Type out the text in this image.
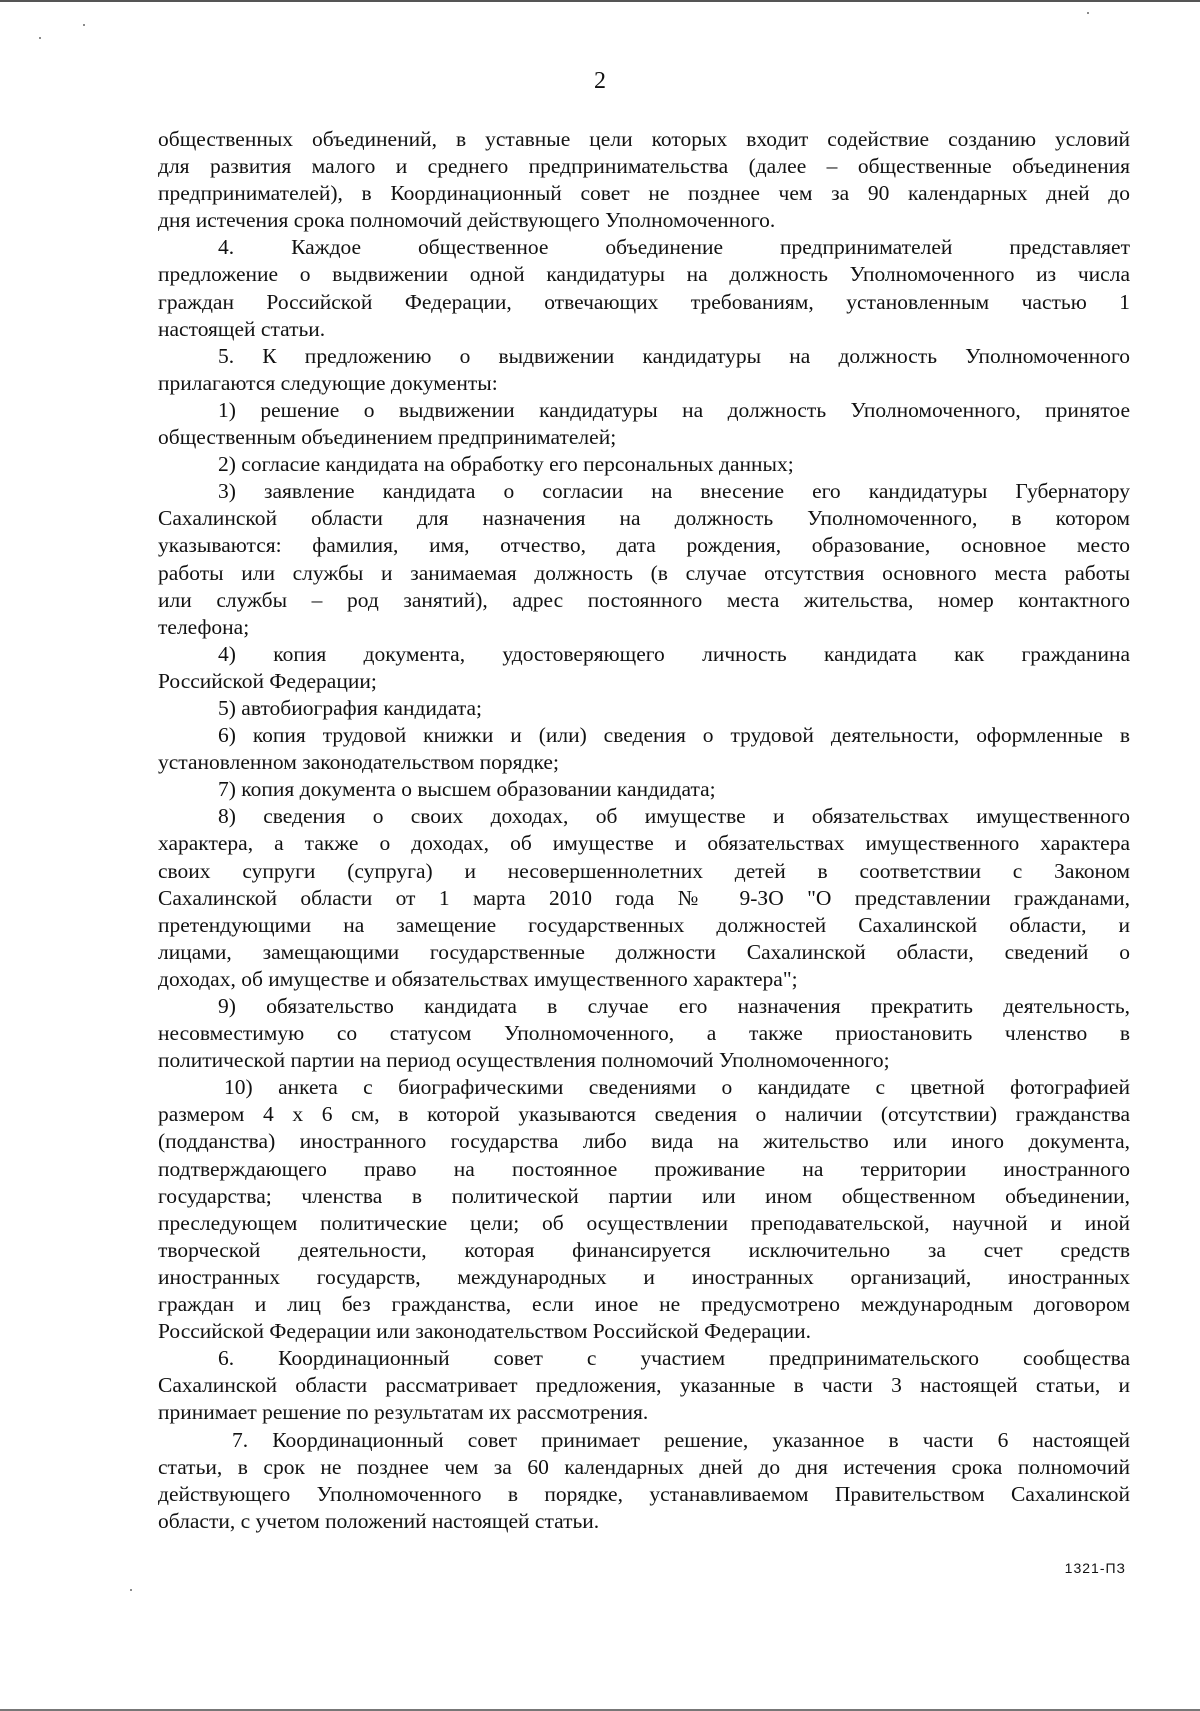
2
общественных объединений, в уставные цели которых входит содействие созданию условий
для развития малого и среднего предпринимательства (далее – общественные объединения
предпринимателей), в Координационный совет не позднее чем за 90 календарных дней до
дня истечения срока полномочий действующего Уполномоченного.
4. Каждое общественное объединение предпринимателей представляет
предложение о выдвижении одной кандидатуры на должность Уполномоченного из числа
граждан Российской Федерации, отвечающих требованиям, установленным частью 1
настоящей статьи.
5. К предложению о выдвижении кандидатуры на должность Уполномоченного
прилагаются следующие документы:
1) решение о выдвижении кандидатуры на должность Уполномоченного, принятое
общественным объединением предпринимателей;
2) согласие кандидата на обработку его персональных данных;
3) заявление кандидата о согласии на внесение его кандидатуры Губернатору
Сахалинской области для назначения на должность Уполномоченного, в котором
указываются: фамилия, имя, отчество, дата рождения, образование, основное место
работы или службы и занимаемая должность (в случае отсутствия основного места работы
или службы – род занятий), адрес постоянного места жительства, номер контактного
телефона;
4) копия документа, удостоверяющего личность кандидата как гражданина
Российской Федерации;
5) автобиография кандидата;
6) копия трудовой книжки и (или) сведения о трудовой деятельности, оформленные в
установленном законодательством порядке;
7) копия документа о высшем образовании кандидата;
8) сведения о своих доходах, об имуществе и обязательствах имущественного
характера, а также о доходах, об имуществе и обязательствах имущественного характера
своих супруги (супруга) и несовершеннолетних детей в соответствии с Законом
Сахалинской области от 1 марта 2010 года № 9-ЗО "О представлении гражданами,
претендующими на замещение государственных должностей Сахалинской области, и
лицами, замещающими государственные должности Сахалинской области, сведений о
доходах, об имуществе и обязательствах имущественного характера";
9) обязательство кандидата в случае его назначения прекратить деятельность,
несовместимую со статусом Уполномоченного, а также приостановить членство в
политической партии на период осуществления полномочий Уполномоченного;
10) анкета с биографическими сведениями о кандидате с цветной фотографией
размером 4 х 6 см, в которой указываются сведения о наличии (отсутствии) гражданства
(подданства) иностранного государства либо вида на жительство или иного документа,
подтверждающего право на постоянное проживание на территории иностранного
государства; членства в политической партии или ином общественном объединении,
преследующем политические цели; об осуществлении преподавательской, научной и иной
творческой деятельности, которая финансируется исключительно за счет средств
иностранных государств, международных и иностранных организаций, иностранных
граждан и лиц без гражданства, если иное не предусмотрено международным договором
Российской Федерации или законодательством Российской Федерации.
6. Координационный совет с участием предпринимательского сообщества
Сахалинской области рассматривает предложения, указанные в части 3 настоящей статьи, и
принимает решение по результатам их рассмотрения.
7. Координационный совет принимает решение, указанное в части 6 настоящей
статьи, в срок не позднее чем за 60 календарных дней до дня истечения срока полномочий
действующего Уполномоченного в порядке, устанавливаемом Правительством Сахалинской
области, с учетом положений настоящей статьи.
1321-ПЗ
